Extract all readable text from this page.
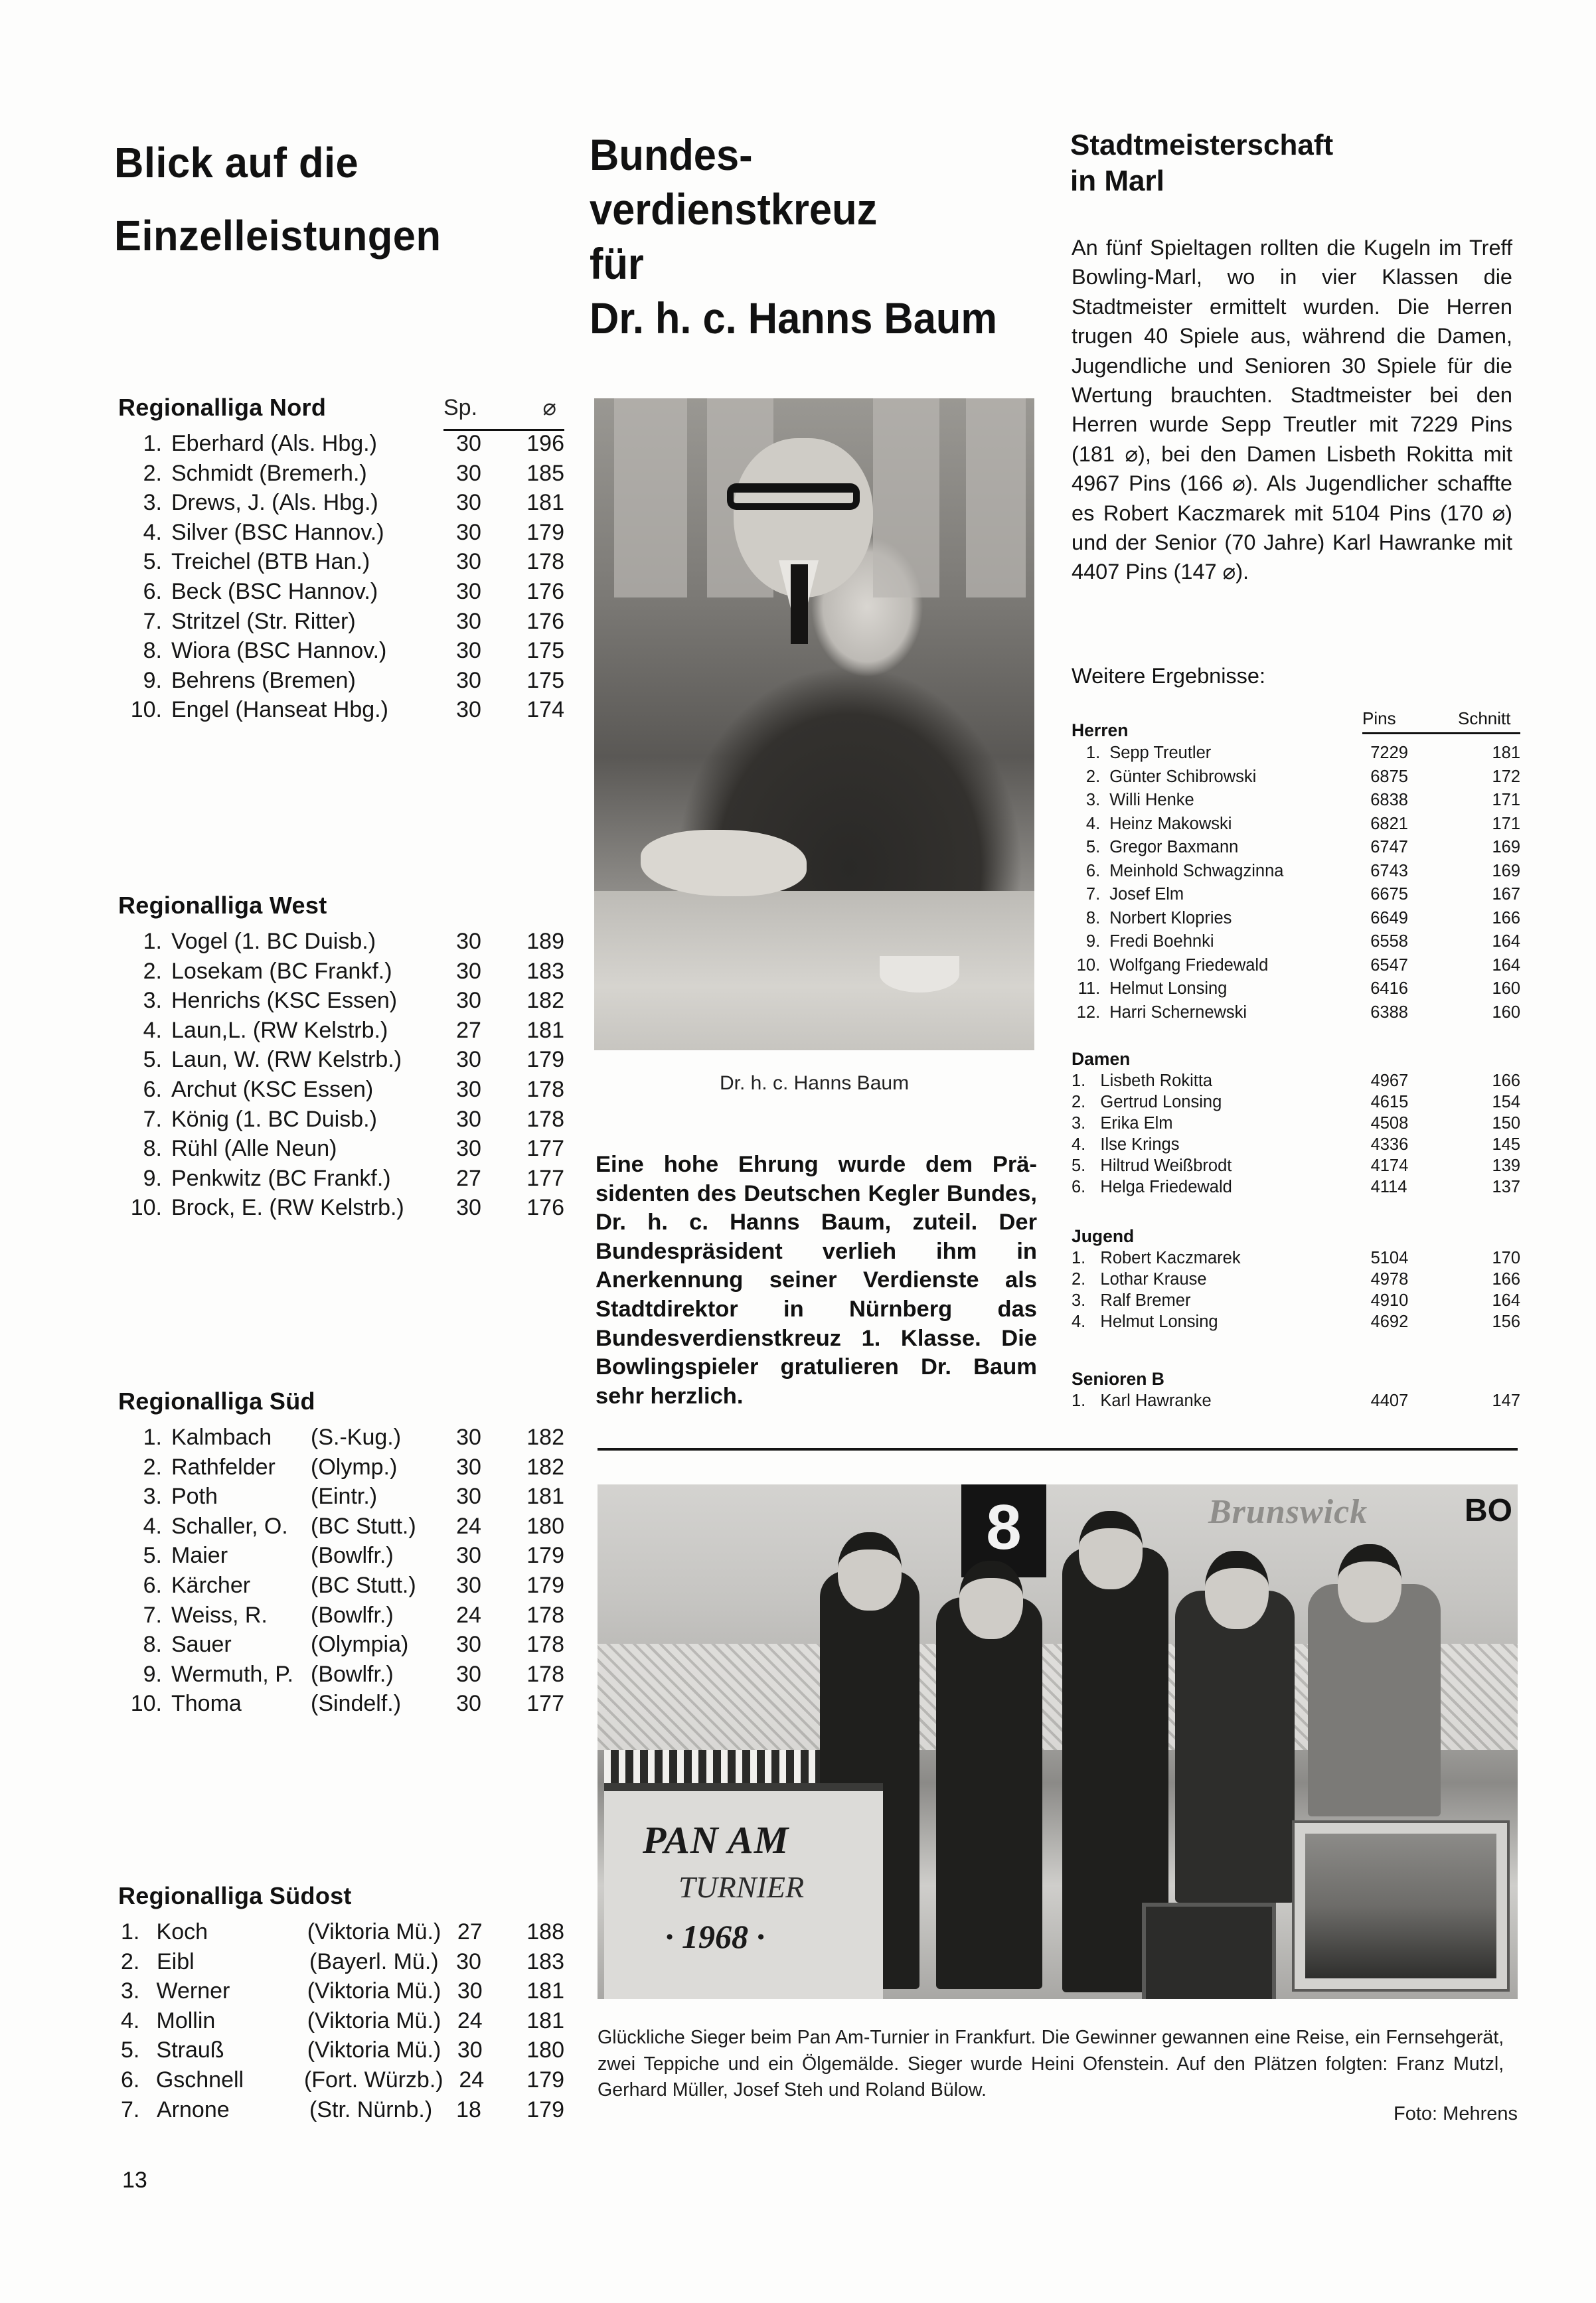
Blick auf die
Einzelleistungen
Regionalliga Nord	Sp.	⌀
1. Eberhard (Als. Hbg.)	30	196
2. Schmidt (Bremerh.)	30	185
3. Drews, J. (Als. Hbg.)	30	181
4. Silver (BSC Hannov.)	30	179
5. Treichel (BTB Han.)	30	178
6. Beck (BSC Hannov.)	30	176
7. Stritzel (Str. Ritter)	30	176
8. Wiora (BSC Hannov.)	30	175
9. Behrens (Bremen)	30	175
10. Engel (Hanseat Hbg.)	30	174
Regionalliga West
1. Vogel (1. BC Duisb.)	30	189
2. Losekam (BC Frankf.)	30	183
3. Henrichs (KSC Essen)	30	182
4. Laun,L. (RW Kelstrb.)	27	181
5. Laun, W. (RW Kelstrb.)	30	179
6. Archut (KSC Essen)	30	178
7. König (1. BC Duisb.)	30	178
8. Rühl (Alle Neun)	30	177
9. Penkwitz (BC Frankf.)	27	177
10. Brock, E. (RW Kelstrb.)	30	176
Regionalliga Süd
1. Kalmbach	(S.-Kug.)	30	182
2. Rathfelder	(Olymp.)	30	182
3. Poth	(Eintr.)	30	181
4. Schaller, O.	(BC Stutt.)	24	180
5. Maier	(Bowlfr.)	30	179
6. Kärcher	(BC Stutt.)	30	179
7. Weiss, R.	(Bowlfr.)	24	178
8. Sauer	(Olympia)	30	178
9. Wermuth, P. (Bowlfr.)	30	178
10. Thoma	(Sindelf.)	30	177
Regionalliga Südost
1. Koch	(Viktoria Mü.) 27	188
2. Eibl	(Bayerl. Mü.) 30	183
3. Werner	(Viktoria Mü.) 30	181
4. Mollin	(Viktoria Mü.) 24	181
5. Strauß	(Viktoria Mü.) 30	180
6. Gschnell	(Fort. Würzb.) 24	179
7. Arnone	(Str. Nürnb.)	18	179
13
Bundes-
verdienstkreuz
für
Dr. h. c. Hanns Baum
Dr. h. c. Hanns Baum
Eine hohe Ehrung wurde dem Präsidenten des Deutschen Kegler Bundes, Dr. h. c. Hanns Baum, zuteil. Der Bundespräsident verlieh ihm in Anerkennung seiner Verdienste als Stadtdirektor in Nürnberg das Bundesverdienstkreuz 1. Klasse. Die Bowlingspieler gratulieren Dr. Baum sehr herzlich.
Stadtmeisterschaft
in Marl
An fünf Spieltagen rollten die Kugeln im Treff Bowling-Marl, wo in vier Klassen die Stadtmeister ermittelt wurden. Die Herren trugen 40 Spiele aus, während die Damen, Jugendliche und Senioren 30 Spiele für die Wertung brauchten. Stadtmeister bei den Herren wurde Sepp Treutler mit 7229 Pins (181 ⌀), bei den Damen Lisbeth Rokitta mit 4967 Pins (166 ⌀). Als Jugendlicher schaffte es Robert Kaczmarek mit 5104 Pins (170 ⌀) und der Senior (70 Jahre) Karl Hawranke mit 4407 Pins (147 ⌀).
Weitere Ergebnisse:
Pins	Schnitt
Herren
1. Sepp Treutler	7229	181
2. Günter Schibrowski	6875	172
3. Willi Henke	6838	171
4. Heinz Makowski	6821	171
5. Gregor Baxmann	6747	169
6. Meinhold Schwagzinna	6743	169
7. Josef Elm	6675	167
8. Norbert Klopries	6649	166
9. Fredi Boehnki	6558	164
10. Wolfgang Friedewald	6547	164
11. Helmut Lonsing	6416	160
12. Harri Schernewski	6388	160
Damen
1. Lisbeth Rokitta	4967	166
2. Gertrud Lonsing	4615	154
3. Erika Elm	4508	150
4. Ilse Krings	4336	145
5. Hiltrud Weißbrodt	4174	139
6. Helga Friedewald	4114	137
Jugend
1. Robert Kaczmarek	5104	170
2. Lothar Krause	4978	166
3. Ralf Bremer	4910	164
4. Helmut Lonsing	4692	156
Senioren B
1. Karl Hawranke	4407	147
8	Brunswick	BO
PAN AM
TURNIER
· 1968 ·
Glückliche Sieger beim Pan Am-Turnier in Frankfurt. Die Gewinner gewannen eine Reise, ein Fernsehgerät, zwei Teppiche und ein Ölgemälde. Sieger wurde Heini Ofenstein. Auf den Plätzen folgten: Franz Mutzl, Gerhard Müller, Josef Steh und Roland Bülow.
Foto: Mehrens
